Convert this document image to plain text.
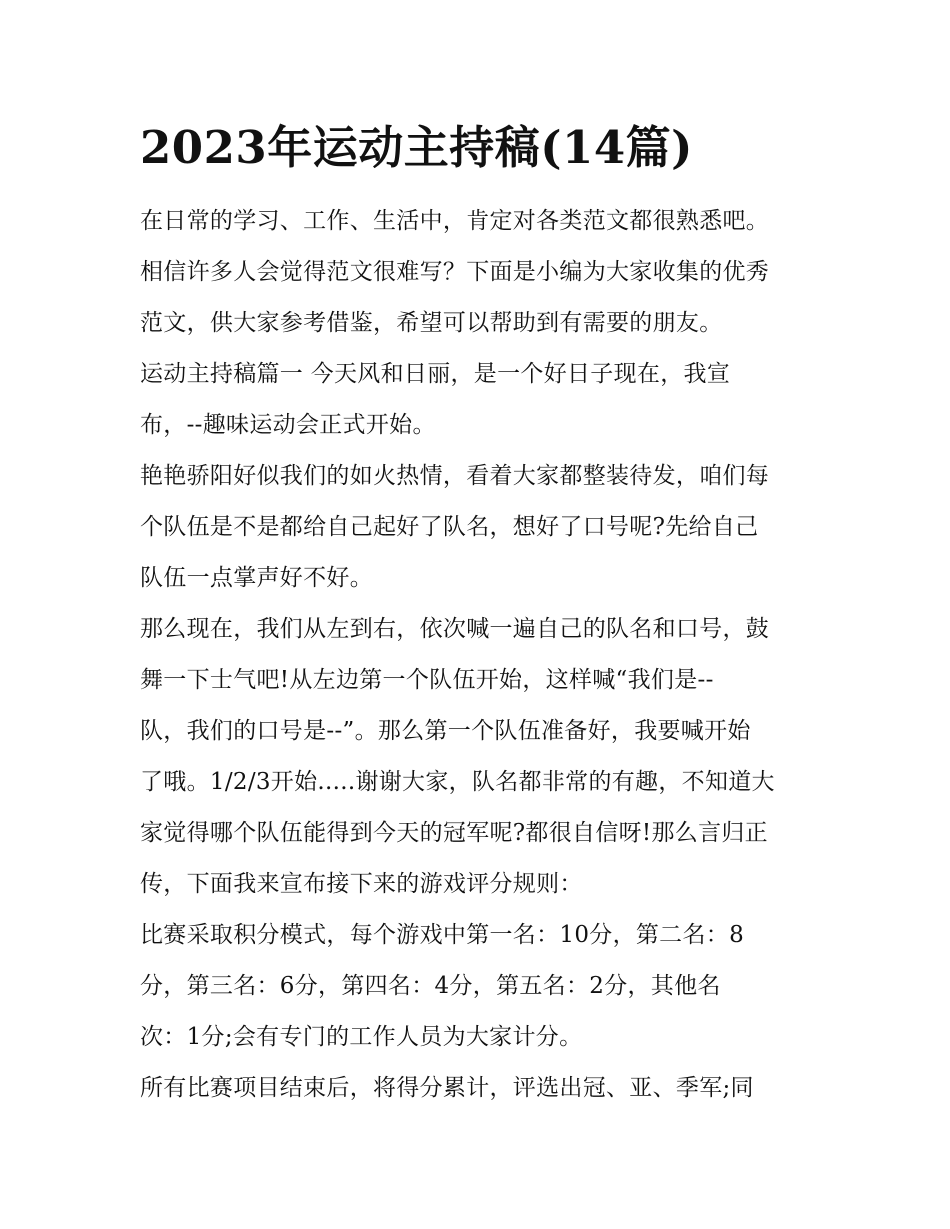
2023年运动主持稿(14篇)
在日常的学习、工作、生活中，肯定对各类范文都很熟悉吧。
相信许多人会觉得范文很难写？下面是小编为大家收集的优秀
范文，供大家参考借鉴，希望可以帮助到有需要的朋友。
运动主持稿篇一 今天风和日丽，是一个好日子现在，我宣
布，--趣味运动会正式开始。
艳艳骄阳好似我们的如火热情，看着大家都整装待发，咱们每
个队伍是不是都给自己起好了队名，想好了口号呢?先给自己
队伍一点掌声好不好。
那么现在，我们从左到右，依次喊一遍自己的队名和口号，鼓
舞一下士气吧!从左边第一个队伍开始，这样喊“我们是--
队，我们的口号是--”。那么第一个队伍准备好，我要喊开始
了哦。1/2/3开始.....谢谢大家，队名都非常的有趣，不知道大
家觉得哪个队伍能得到今天的冠军呢?都很自信呀!那么言归正
传，下面我来宣布接下来的游戏评分规则：
比赛采取积分模式，每个游戏中第一名：10分，第二名：8
分，第三名：6分，第四名：4分，第五名：2分，其他名
次：1分;会有专门的工作人员为大家计分。
所有比赛项目结束后，将得分累计，评选出冠、亚、季军;同
